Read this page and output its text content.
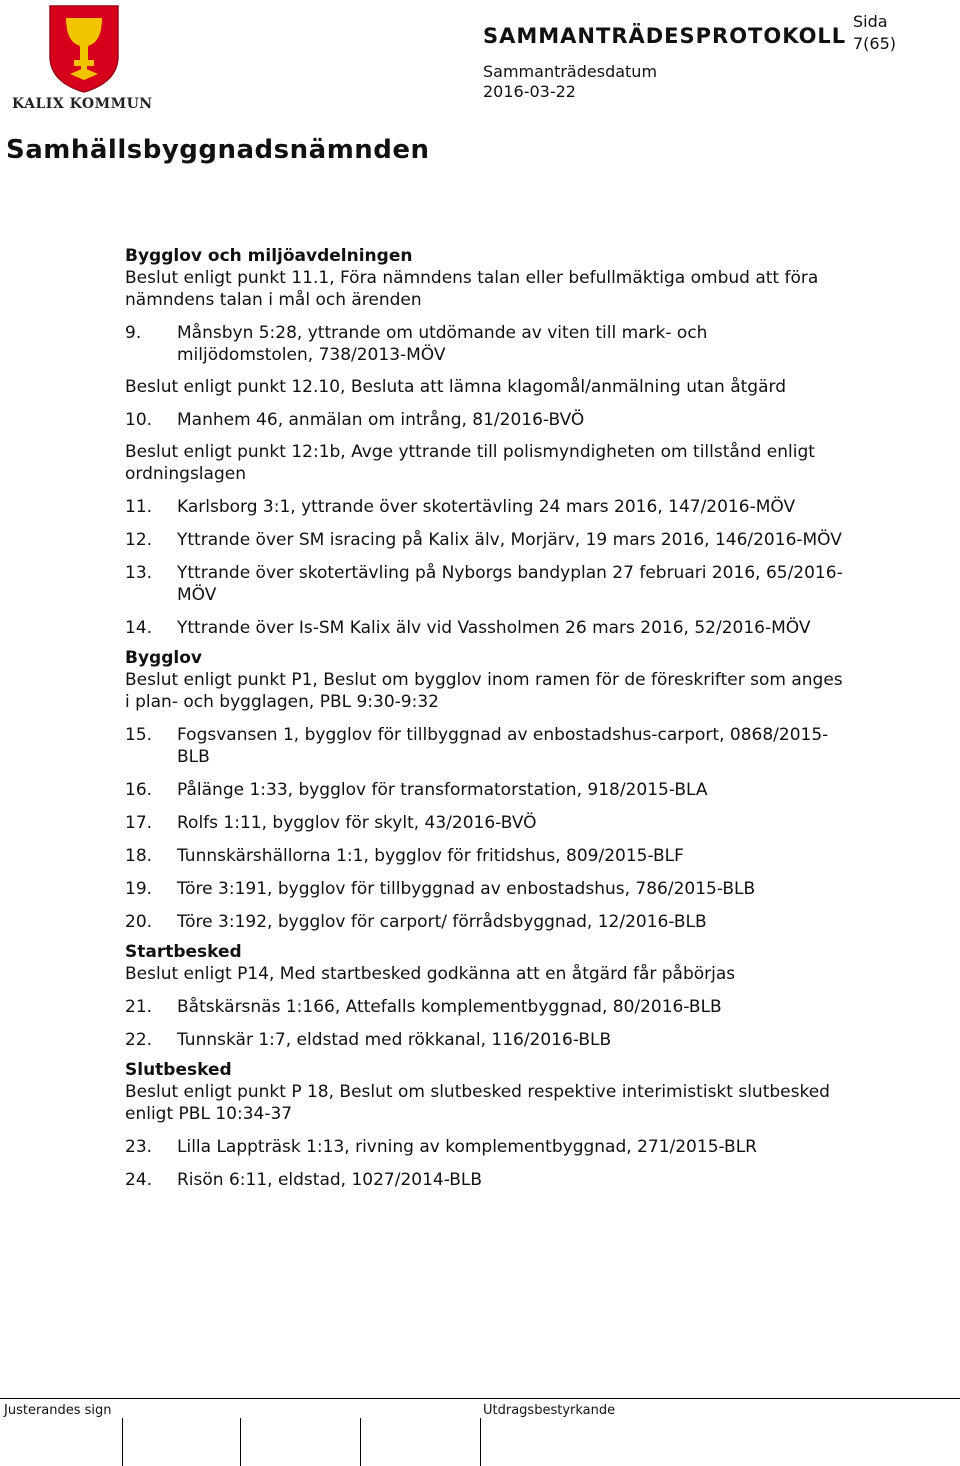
KALIX KOMMUN
SAMMANTRÄDESPROTOKOLL
Sida
7(65)
Sammanträdesdatum
2016-03-22
Samhällsbyggnadsnämnden
Bygglov och miljöavdelningen

Beslut enligt punkt 11.1, Föra nämndens talan eller befullmäktiga ombud att föra nämndens talan i mål och ärenden

9.	Månsbyn 5:28, yttrande om utdömande av viten till mark- och miljödomstolen, 738/2013-MÖV

Beslut enligt punkt 12.10, Besluta att lämna klagomål/anmälning utan åtgärd

10.	Manhem 46, anmälan om intrång, 81/2016-BVÖ

Beslut enligt punkt 12:1b, Avge yttrande till polismyndigheten om tillstånd enligt ordningslagen

11.	Karlsborg 3:1, yttrande över skotertävling 24 mars 2016, 147/2016-MÖV
12.	Yttrande över SM isracing på Kalix älv, Morjärv, 19 mars 2016, 146/2016-MÖV
13.	Yttrande över skotertävling på Nyborgs bandyplan 27 februari 2016, 65/2016-MÖV
14.	Yttrande över Is-SM Kalix älv vid Vassholmen 26 mars 2016, 52/2016-MÖV
Bygglov

Beslut enligt punkt P1, Beslut om bygglov inom ramen för de föreskrifter som anges i plan- och bygglagen, PBL 9:30-9:32

15.	Fogsvansen 1, bygglov för tillbyggnad av enbostadshus-carport, 0868/2015-BLB
16.	Pålänge 1:33, bygglov för transformatorstation, 918/2015-BLA
17.	Rolfs 1:11, bygglov för skylt, 43/2016-BVÖ
18.	Tunnskärshällorna 1:1, bygglov för fritidshus, 809/2015-BLF
19.	Töre 3:191, bygglov för tillbyggnad av enbostadshus, 786/2015-BLB
20.	Töre 3:192, bygglov för carport/ förrådsbyggnad, 12/2016-BLB
Startbesked

Beslut enligt P14, Med startbesked godkänna att en åtgärd får påbörjas

21.	Båtskärsnäs 1:166, Attefalls komplementbyggnad, 80/2016-BLB
22.	Tunnskär 1:7, eldstad med rökkanal, 116/2016-BLB
Slutbesked

Beslut enligt punkt P 18, Beslut om slutbesked respektive interimistiskt slutbesked enligt PBL 10:34-37

23.	Lilla Lappträsk 1:13, rivning av komplementbyggnad, 271/2015-BLR
24.	Risön 6:11, eldstad, 1027/2014-BLB
Justerandes sign	Utdragsbestyrkande
